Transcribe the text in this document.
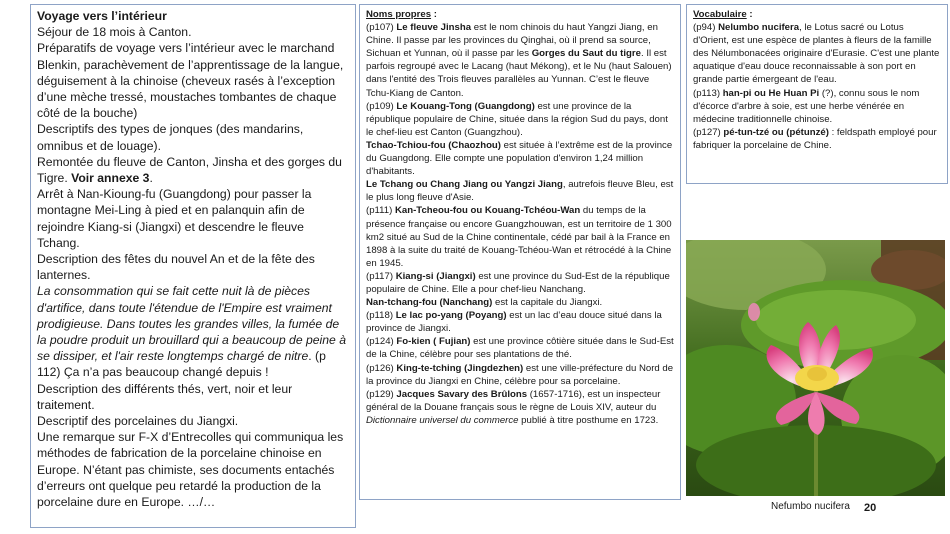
Voyage vers l’intérieur

Séjour de 18 mois à Canton.

Préparatifs de voyage vers l’intérieur avec le marchand Blenkin, parachèvement de l’apprentissage de la langue, déguisement à la chinoise (cheveux rasés à l’exception d’une mèche tressé, moustaches tombantes de chaque côté de la bouche)

Descriptifs des types de jonques (des mandarins, omnibus et de louage).

Remontée du fleuve de Canton, Jinsha et des gorges du Tigre. Voir annexe 3.

Arrêt à Nan-Kioung-fu (Guangdong) pour passer la montagne Mei-Ling à pied et en palanquin afin de rejoindre Kiang-si (Jiangxi) et descendre le fleuve Tchang.

Description des fêtes du nouvel An et de la fête des lanternes.

La consommation qui se fait cette nuit là de pièces d'artifice, dans toute l'étendue de l'Empire est vraiment prodigieuse. Dans toutes les grandes villes, la fumée de la poudre produit un brouillard qui a beaucoup de peine à se dissiper, et l'air reste longtemps chargé de nitre. (p 112) Ça n’a pas beaucoup changé depuis !

Description des différents thés, vert, noir et leur traitement.

Descriptif des porcelaines du Jiangxi.

Une remarque sur F-X d’Entrecolles qui communiqua les méthodes de fabrication de la porcelaine chinoise en Europe. N’étant pas chimiste, ses documents entachés d’erreurs ont quelque peu retardé la production de la porcelaine dure en Europe. …/…

Noms propres :

(p107) Le fleuve Jinsha est le nom chinois du haut Yangzi Jiang, en Chine. Il passe par les provinces du Qinghai, où il prend sa source, Sichuan et Yunnan, où il passe par les Gorges du Saut du tigre. Il est parfois regroupé avec le Lacang (haut Mékong), et le Nu (haut Salouen) dans l'entité des Trois fleuves parallèles au Yunnan. C’est le fleuve Tchu-Kiang de Canton.

(p109) Le Kouang-Tong (Guangdong) est une province de la république populaire de Chine, située dans la région Sud du pays, dont le chef-lieu est Canton (Guangzhou).

Tchao-Tchiou-fou (Chaozhou) est située à l’extrême est de la province du Guangdong. Elle compte une population d'environ 1,24 million d'habitants.

Le Tchang ou Chang Jiang ou Yangzi Jiang, autrefois fleuve Bleu, est le plus long fleuve d'Asie.

(p111) Kan-Tcheou-fou ou Kouang-Tchéou-Wan du temps de la présence française ou encore Guangzhouwan, est un territoire de 1 300 km2 situé au Sud de la Chine continentale, cédé par bail à la France en 1898 à la suite du traité de Kouang-Tchéou-Wan et rétrocédé à la Chine en 1945.

(p117) Kiang-si (Jiangxi) est une province du Sud-Est de la république populaire de Chine. Elle a pour chef-lieu Nanchang.

Nan-tchang-fou (Nanchang) est la capitale du Jiangxi.

(p118) Le lac po-yang (Poyang) est un lac d’eau douce situé dans la province de Jiangxi.

(p124) Fo-kien ( Fujian) est une province côtière située dans le Sud-Est de la Chine, célèbre pour ses plantations de thé.

(p126) King-te-tching (Jingdezhen) est une ville-préfecture du Nord de la province du Jiangxi en Chine, célèbre pour sa porcelaine.

(p129) Jacques Savary des Brûlons (1657-1716), est un inspecteur général de la Douane français sous le règne de Louis XIV, auteur du Dictionnaire universel du commerce publié à titre posthume en 1723.

Vocabulaire :

(p94) Nelumbo nucifera, le Lotus sacré ou Lotus d'Orient, est une espèce de plantes à fleurs de la famille des Nélumbonacées originaire d'Eurasie. C'est une plante aquatique d'eau douce reconnaissable à son port en grande partie émergeant de l'eau.

(p113) han-pi ou He Huan Pi (?), connu sous le nom d'écorce d'arbre à soie, est une herbe vénérée en médecine traditionnelle chinoise.

(p127) pé-tun-tzé ou (pétunzé) : feldspath employé pour fabriquer la porcelaine de Chine.

Nefumbo nucifera 20
